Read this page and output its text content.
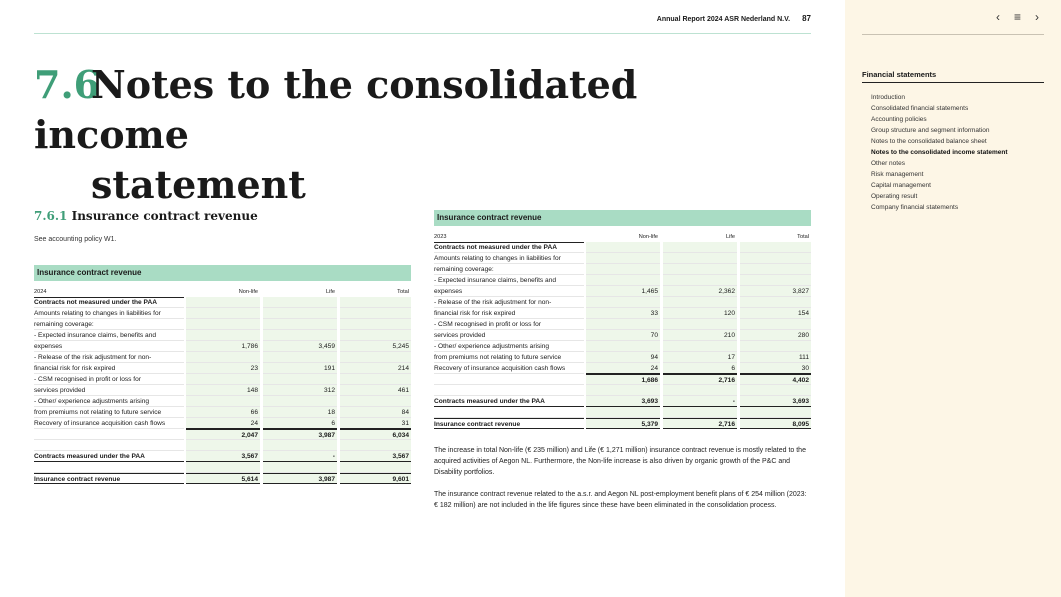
Annual Report 2024 ASR Nederland N.V. 87
7.6Notes to the consolidated income
statement
7.6.1 Insurance contract revenue
See accounting policy W1.
Insurance contract revenue
2024	Non-life	Life	Total
Contracts not measured under the PAA
Amounts relating to changes in liabilities for
remaining coverage:
- Expected insurance claims, benefits and
expenses	1,786	3,459	5,245
- Release of the risk adjustment for non-
financial risk for risk expired	23	191	214
- CSM recognised in profit or loss for
services provided	148	312	461
- Other/ experience adjustments arising
from premiums not relating to future service	66	18	84
Recovery of insurance acquisition cash flows	24	6	31
2,047	3,987	6,034
Contracts measured under the PAA	3,567	-	3,567
Insurance contract revenue	5,614	3,987	9,601
Insurance contract revenue
2023	Non-life	Life	Total
Contracts not measured under the PAA
Amounts relating to changes in liabilities for
remaining coverage:
- Expected insurance claims, benefits and
expenses	1,465	2,362	3,827
- Release of the risk adjustment for non-
financial risk for risk expired	33	120	154
- CSM recognised in profit or loss for
services provided	70	210	280
- Other/ experience adjustments arising
from premiums not relating to future service	94	17	111
Recovery of insurance acquisition cash flows	24	6	30
1,686	2,716	4,402
Contracts measured under the PAA	3,693	-	3,693
Insurance contract revenue	5,379	2,716	8,095

The increase in total Non-life (€ 235 million) and Life (€ 1,271 million) insurance contract revenue is mostly related to the acquired activities of Aegon NL. Furthermore, the Non-life increase is also driven by organic growth of the P&C and Disability portfolios.

The insurance contract revenue related to the a.s.r. and Aegon NL post-employment benefit plans of € 254 million (2023: € 182 million) are not included in the life figures since these have been eliminated in the consolidation process.

‹ ≡ ›
Financial statements
Introduction
Consolidated financial statements
Accounting policies
Group structure and segment information
Notes to the consolidated balance sheet
Notes to the consolidated income statement
Other notes
Risk management
Capital management
Operating result
Company financial statements
